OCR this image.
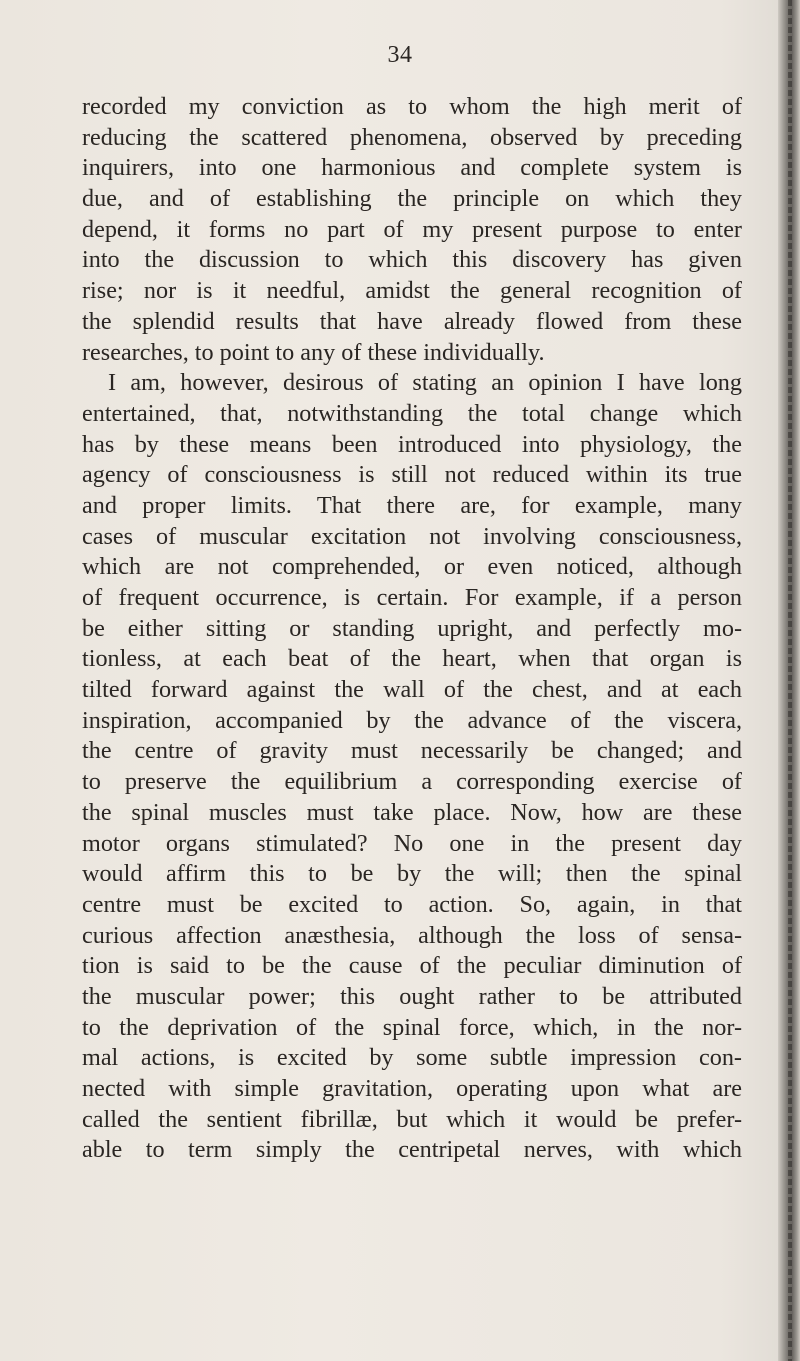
34
recorded my conviction as to whom the high merit of
reducing the scattered phenomena, observed by preceding
inquirers, into one harmonious and complete system is
due, and of establishing the principle on which they
depend, it forms no part of my present purpose to enter
into the discussion to which this discovery has given
rise; nor is it needful, amidst the general recognition of
the splendid results that have already flowed from these
researches, to point to any of these individually.
I am, however, desirous of stating an opinion I have long
entertained, that, notwithstanding the total change which
has by these means been introduced into physiology, the
agency of consciousness is still not reduced within its true
and proper limits. That there are, for example, many
cases of muscular excitation not involving consciousness,
which are not comprehended, or even noticed, although
of frequent occurrence, is certain. For example, if a person
be either sitting or standing upright, and perfectly mo-
tionless, at each beat of the heart, when that organ is
tilted forward against the wall of the chest, and at each
inspiration, accompanied by the advance of the viscera,
the centre of gravity must necessarily be changed; and
to preserve the equilibrium a corresponding exercise of
the spinal muscles must take place. Now, how are these
motor organs stimulated? No one in the present day
would affirm this to be by the will; then the spinal
centre must be excited to action. So, again, in that
curious affection anæsthesia, although the loss of sensa-
tion is said to be the cause of the peculiar diminution of
the muscular power; this ought rather to be attributed
to the deprivation of the spinal force, which, in the nor-
mal actions, is excited by some subtle impression con-
nected with simple gravitation, operating upon what are
called the sentient fibrillæ, but which it would be prefer-
able to term simply the centripetal nerves, with which
